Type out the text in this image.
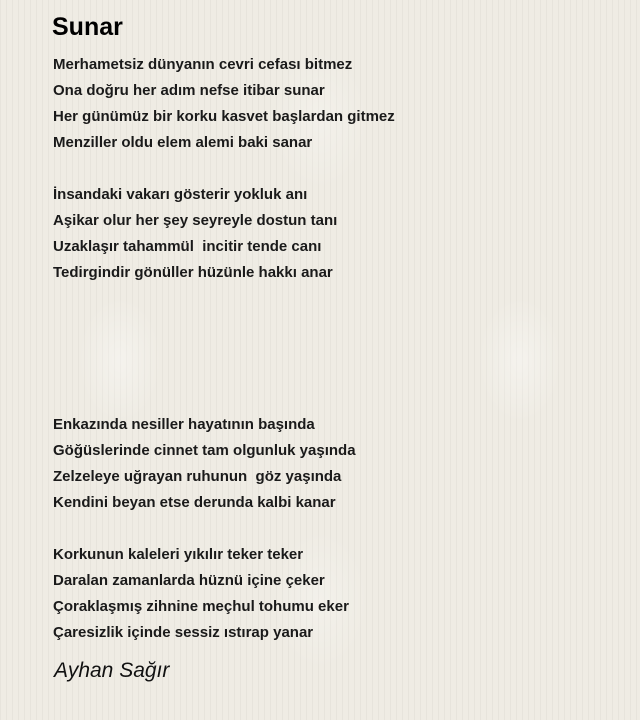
Sunar
Merhametsiz dünyanın cevri cefası bitmez
Ona doğru her adım nefse itibar sunar
Her günümüz bir korku kasvet başlardan gitmez
Menziller oldu elem alemi baki sanar
İnsandaki vakarı gösterir yokluk anı
Aşikar olur her şey seyreyle dostun tanı
Uzaklaşır tahammül  incitir tende canı
Tedirgindir gönüller hüzünle hakkı anar
Enkazında nesiller hayatının başında
Göğüslerinde cinnet tam olgunluk yaşında
Zelzeleye uğrayan ruhunun  göz yaşında
Kendini beyan etse derunda kalbi kanar
Korkunun kaleleri yıkılır teker teker
Daralan zamanlarda hüznü içine çeker
Çoraklaşmış zihnine meçhul tohumu eker
Çaresizlik içinde sessiz ıstırap yanar

Ayhan Sağır
